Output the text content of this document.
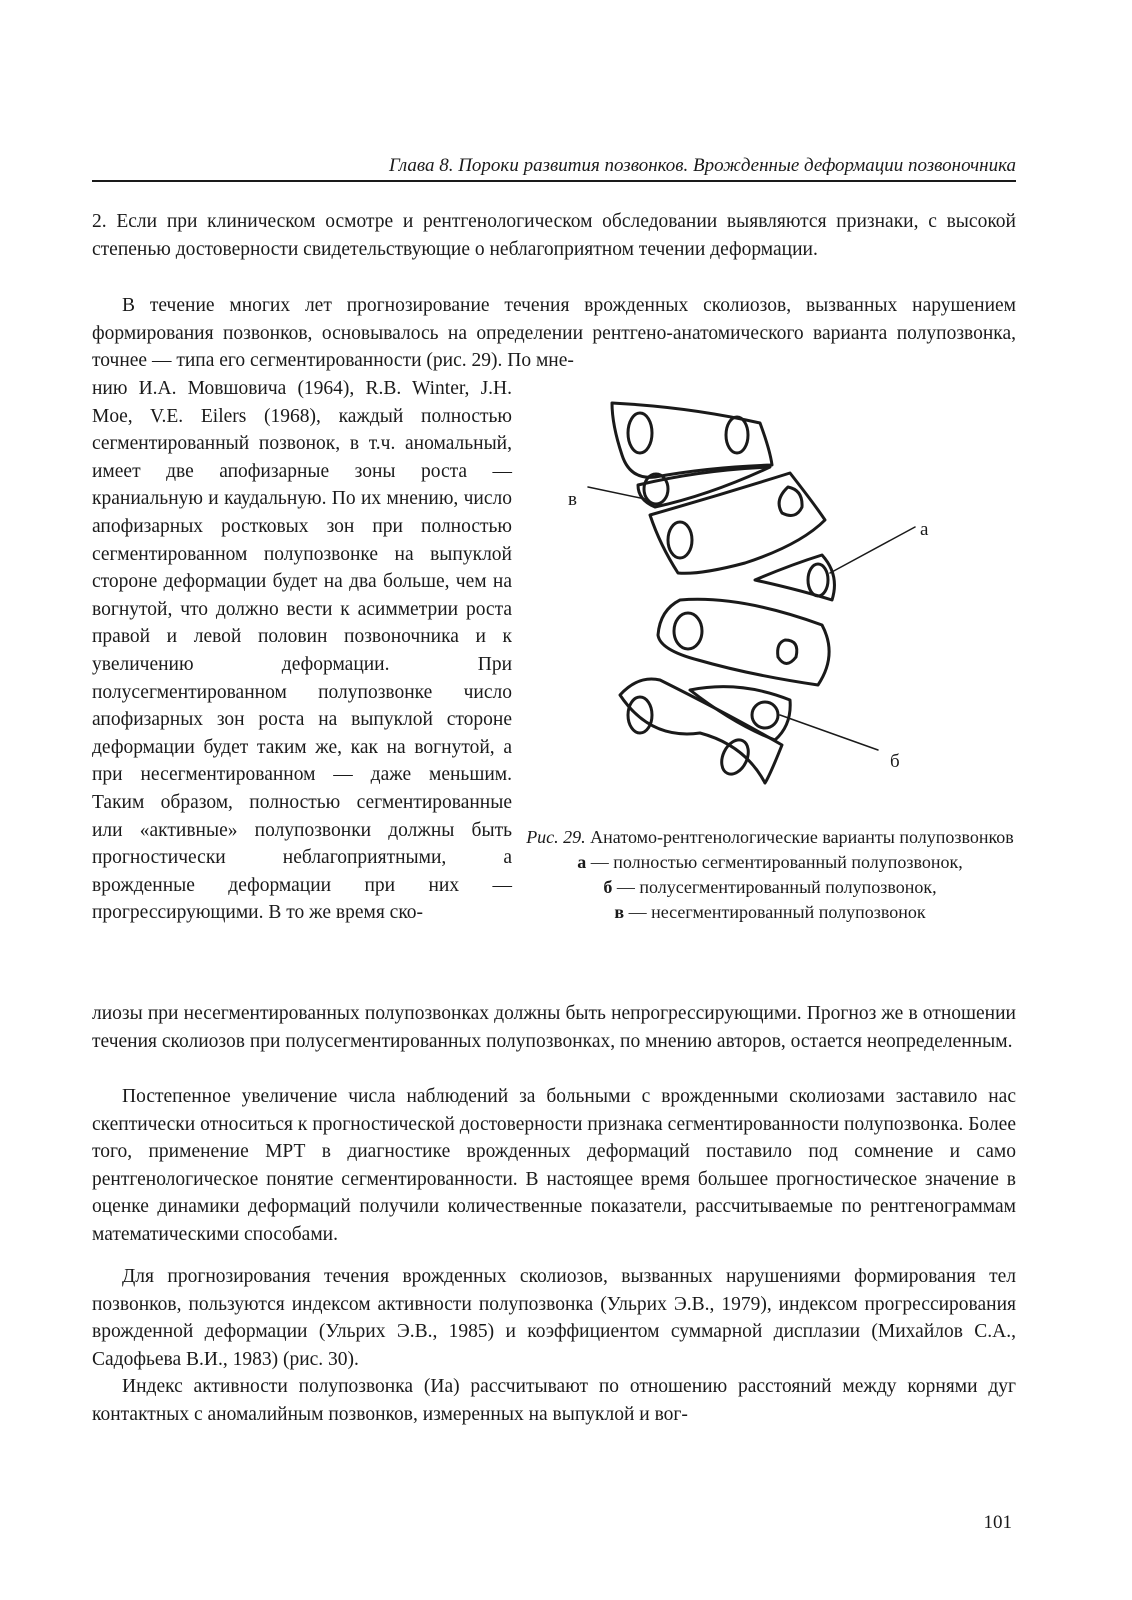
Глава 8. Пороки развития позвонков. Врожденные деформации позвоночника
2. Если при клиническом осмотре и рентгенологическом обследовании выявляются признаки, с высокой степенью достоверности свидетельствующие о неблагоприятном течении деформации.
В течение многих лет прогнозирование течения врожденных сколиозов, вызванных нарушением формирования позвонков, основывалось на определении рентгено-анатомического варианта полупозвонка, точнее — типа его сегментированности (рис. 29). По мне-
нию И.А. Мовшовича (1964), R.B. Winter, J.H. Moe, V.E. Eilers (1968), каждый полностью сегментированный позвонок, в т.ч. аномальный, имеет две апофизарные зоны роста — краниальную и каудальную. По их мнению, число апофизарных ростковых зон при полностью сегментированном полупозвонке на выпуклой стороне деформации будет на два больше, чем на вогнутой, что должно вести к асимметрии роста правой и левой половин позвоночника и к увеличению деформации. При полусегментированном полупозвонке число апофизарных зон роста на выпуклой стороне деформации будет таким же, как на вогнутой, а при несегментированном — даже меньшим. Таким образом, полностью сегментированные или «активные» полупозвонки должны быть прогностически неблагоприятными, а врожденные деформации при них — прогрессирующими. В то же время ско-
лиозы при несегментированных полупозвонках должны быть непрогрессирующими. Прогноз же в отношении течения сколиозов при полусегментированных полупозвонках, по мнению авторов, остается неопределенным.
Постепенное увеличение числа наблюдений за больными с врожденными сколиозами заставило нас скептически относиться к прогностической достоверности признака сегментированности полупозвонка. Более того, применение МРТ в диагностике врожденных деформаций поставило под сомнение и само рентгенологическое понятие сегментированности. В настоящее время большее прогностическое значение в оценке динамики деформаций получили количественные показатели, рассчитываемые по рентгенограммам математическими способами.
Для прогнозирования течения врожденных сколиозов, вызванных нарушениями формирования тел позвонков, пользуются индексом активности полупозвонка (Ульрих Э.В., 1979), индексом прогрессирования врожденной деформации (Ульрих Э.В., 1985) и коэффициентом суммарной дисплазии (Михайлов С.А., Садофьева В.И., 1983) (рис. 30).
Индекс активности полупозвонка (Иа) рассчитывают по отношению расстояний между корнями дуг контактных с аномалийным позвонков, измеренных на выпуклой и вог-
в
а
б
Рис. 29. Анатомо-рентгенологические варианты полупозвонков
а — полностью сегментированный полупозвонок,
б — полусегментированный полупозвонок,
в — несегментированный полупозвонок
101
